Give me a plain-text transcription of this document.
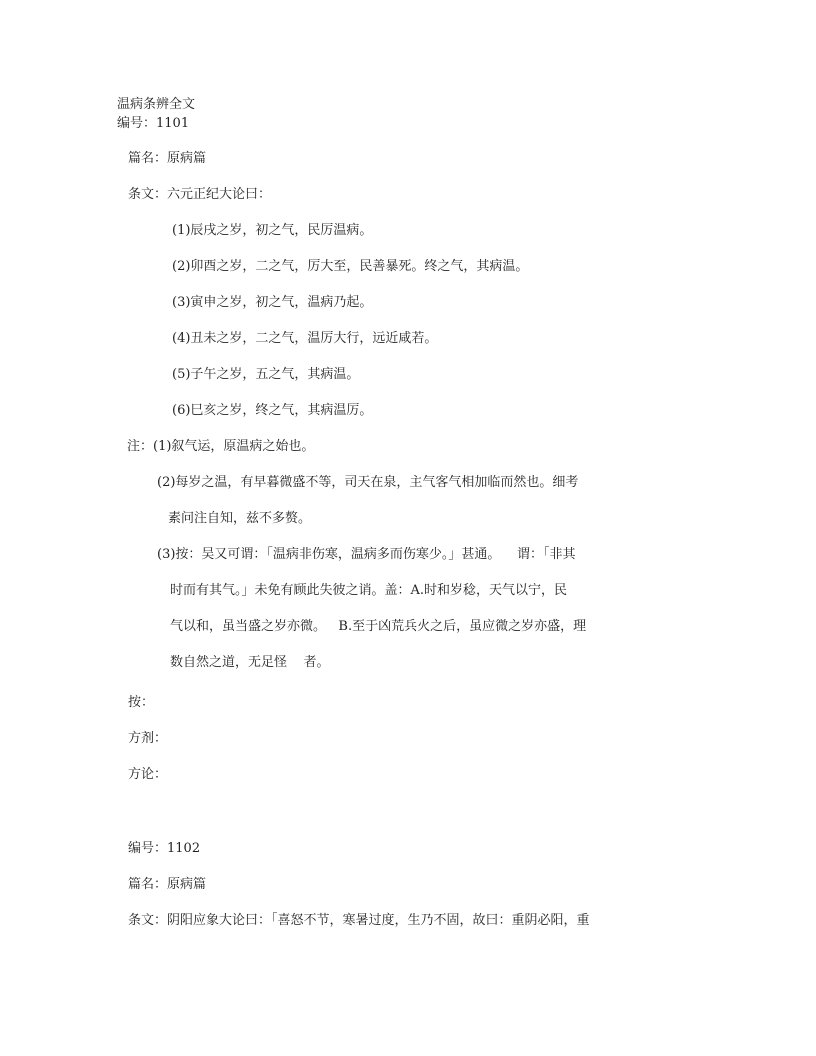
温病条辨全文
编号：1101
篇名：原病篇
条文：六元正纪大论曰：
(1)辰戌之岁，初之气，民厉温病。
(2)卯酉之岁，二之气，厉大至，民善暴死。终之气，其病温。
(3)寅申之岁，初之气，温病乃起。
(4)丑未之岁，二之气，温厉大行，远近咸若。
(5)子午之岁，五之气，其病温。
(6)巳亥之岁，终之气，其病温厉。
注：(1)叙气运，原温病之始也。
(2)每岁之温，有早暮微盛不等，司天在泉，主气客气相加临而然也。细考
素问注自知，兹不多赘。
(3)按：吴又可谓：「温病非伤寒，温病多而伤寒少。」甚通。    谓：「非其
时而有其气。」未免有顾此失彼之诮。盖：A.时和岁稔，天气以宁，民
气以和，虽当盛之岁亦微。   B.至于凶荒兵火之后，虽应微之岁亦盛，理
数自然之道，无足怪    者。
按：
方剂：
方论：
编号：1102
篇名：原病篇
条文：阴阳应象大论曰：「喜怒不节，寒暑过度，生乃不固，故曰：重阴必阳，重
